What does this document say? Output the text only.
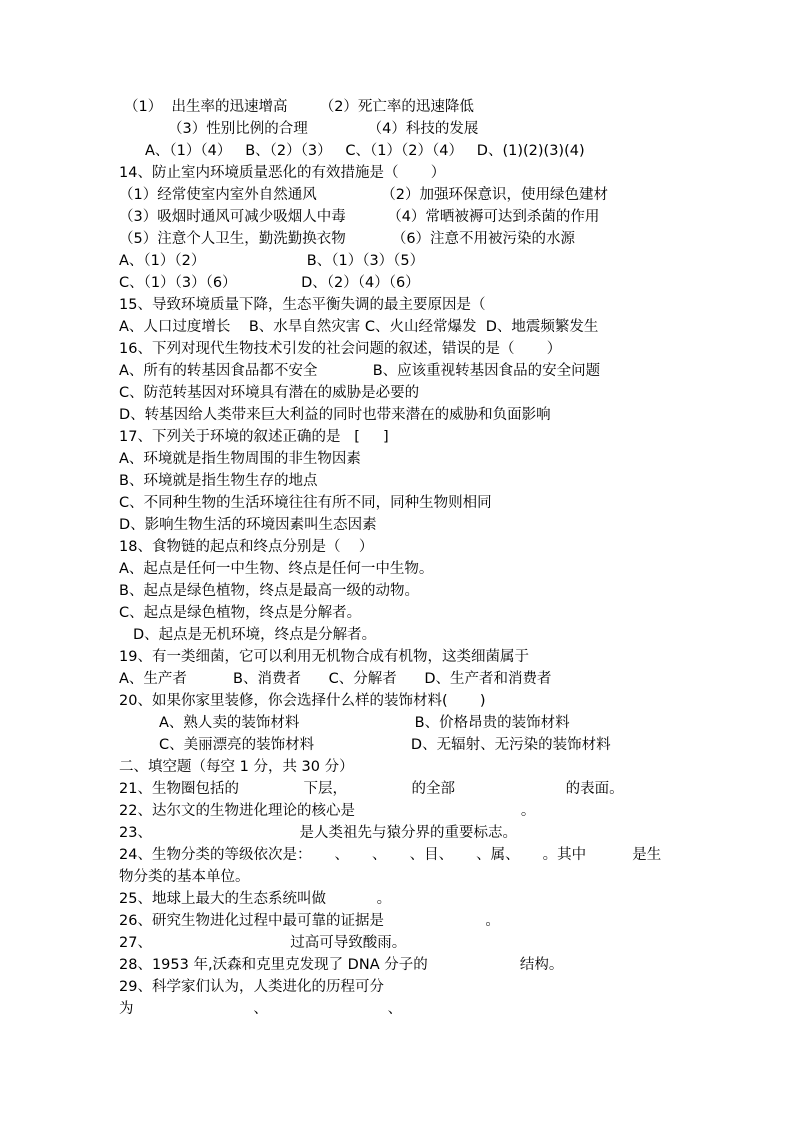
（1）  出生率的迅速增高       （2）死亡率的迅速降低
（3）性别比例的合理             （4）科技的发展
A、（1）（4）   B、（2）（3）   C、（1）（2）（4）   D、(1)(2)(3)(4)
14、防止室内环境质量恶化的有效措施是（       ）
（1）经常使室内室外自然通风              （2）加强环保意识，使用绿色建材
（3）吸烟时通风可减少吸烟人中毒         （4）常晒被褥可达到杀菌的作用
（5）注意个人卫生，勤洗勤换衣物          （6）注意不用被污染的水源
A、（1）（2）                      B、（1）（3）（5）
C、（1）（3）（6）              D、（2）（4）（6）
15、导致环境质量下降，生态平衡失调的最主要原因是（
A、人口过度增长    B、水旱自然灾害 C、火山经常爆发  D、地震频繁发生
16、下列对现代生物技术引发的社会问题的叙述，错误的是（       ）
A、所有的转基因食品都不安全            B、应该重视转基因食品的安全问题
C、防范转基因对环境具有潜在的威胁是必要的
D、转基因给人类带来巨大利益的同时也带来潜在的威胁和负面影响
17、下列关于环境的叙述正确的是   [     ]
A、环境就是指生物周围的非生物因素
B、环境就是指生物生存的地点
C、不同种生物的生活环境往往有所不同，同种生物则相同
D、影响生物生活的环境因素叫生态因素
18、食物链的起点和终点分别是（    ）
A、起点是任何一中生物、终点是任何一中生物。
B、起点是绿色植物，终点是最高一级的动物。
C、起点是绿色植物，终点是分解者。
D、起点是无机环境，终点是分解者。
19、有一类细菌，它可以利用无机物合成有机物，这类细菌属于
A、生产者          B、消费者      C、分解者      D、生产者和消费者
20、如果你家里装修，你会选择什么样的装饰材料(       )
A、熟人卖的装饰材料                         B、价格昂贵的装饰材料
C、美丽漂亮的装饰材料                     D、无辐射、无污染的装饰材料
二、填空题（每空 1 分，共 30 分）
21、生物圈包括的              下层，              的全部                        的表面。
22、达尔文的生物进化理论的核心是                                    。
23、                                是人类祖先与猿分界的重要标志。
24、生物分类的等级依次是：     、     、     、目、     、属、     。其中          是生
物分类的基本单位。
25、地球上最大的生态系统叫做           。
26、研究生物进化过程中最可靠的证据是                      。
27、                              过高可导致酸雨。
28、1953 年,沃森和克里克发现了 DNA 分子的                    结构。
29、科学家们认为，人类进化的历程可分
为                          、                          、
